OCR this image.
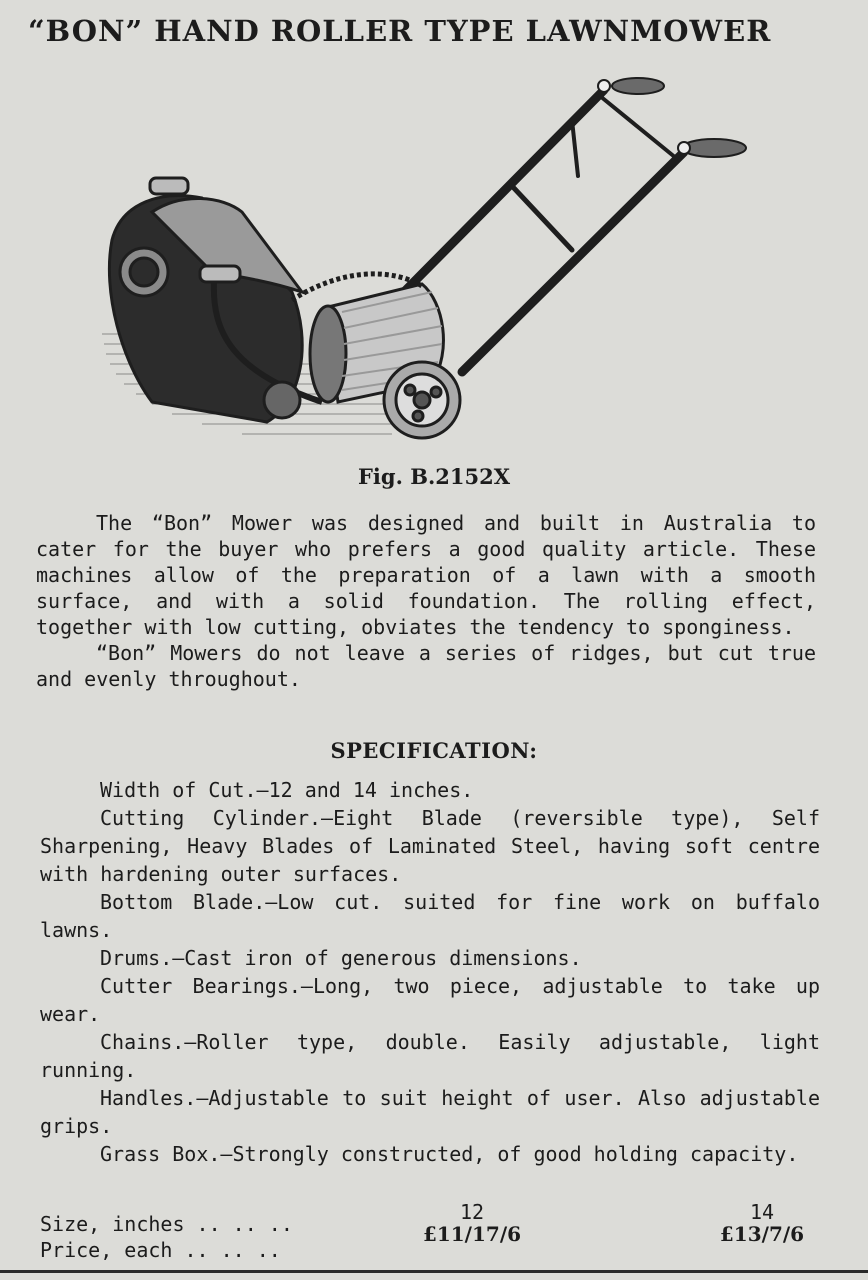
“BON” HAND ROLLER TYPE LAWNMOWER
Fig. B.2152X

The “Bon” Mower was designed and built in Australia to cater for the buyer who prefers a good quality article. These machines allow of the preparation of a lawn with a smooth surface, and with a solid foundation. The rolling effect, together with low cutting, obviates the tendency to sponginess.

“Bon” Mowers do not leave a series of ridges, but cut true and evenly throughout.

SPECIFICATION:

Width of Cut.—12 and 14 inches.

Cutting Cylinder.—Eight Blade (reversible type), Self Sharpening, Heavy Blades of Laminated Steel, having soft centre with hardening outer surfaces.

Bottom Blade.—Low cut. suited for fine work on buffalo lawns.

Drums.—Cast iron of generous dimensions.

Cutter Bearings.—Long, two piece, adjustable to take up wear.

Chains.—Roller type, double. Easily adjustable, light running.

Handles.—Adjustable to suit height of user. Also adjustable grips.

Grass Box.—Strongly constructed, of good holding capacity.

Size, inches .. .. ..
Price, each .. .. ..
12
£11/17/6
14
£13/7/6
